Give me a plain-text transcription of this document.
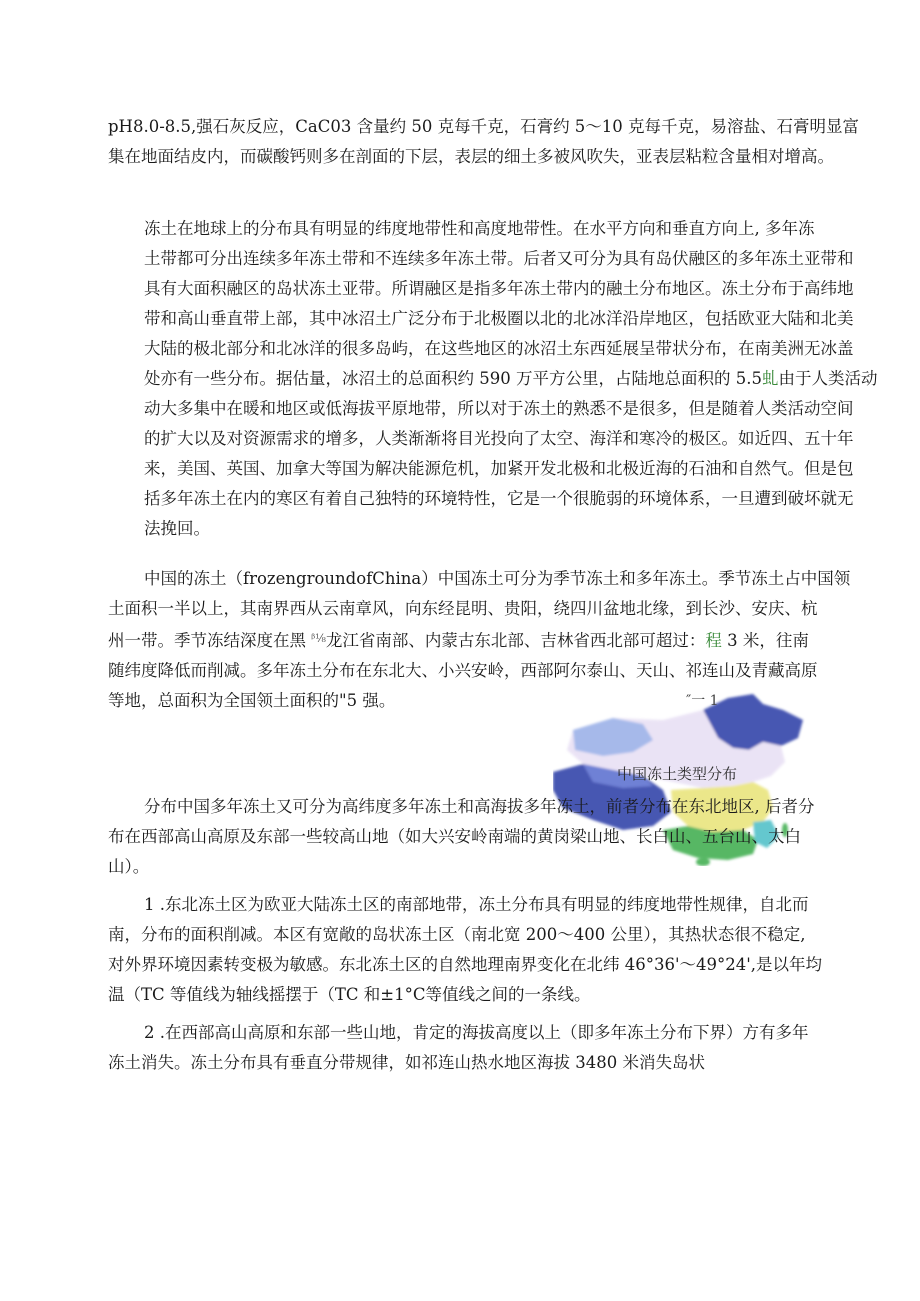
pH8.0-8.5,强石灰反应，CaC03 含量约 50 克每千克，石膏约 5～10 克每千克，易溶盐、石膏明显富
集在地面结皮内，而碳酸钙则多在剖面的下层，表层的细土多被风吹失，亚表层粘粒含量相对增高。
冻土在地球上的分布具有明显的纬度地带性和高度地带性。在水平方向和垂直方向上, 多年冻
土带都可分出连续多年冻土带和不连续多年冻土带。后者又可分为具有岛伏融区的多年冻土亚带和
具有大面积融区的岛状冻土亚带。所谓融区是指多年冻土带内的融土分布地区。冻土分布于高纬地
带和高山垂直带上部，其中冰沼土广泛分布于北极圈以北的北冰洋沿岸地区，包括欧亚大陆和北美
大陆的极北部分和北冰洋的很多岛屿，在这些地区的冰沼土东西延展呈带状分布，在南美洲无冰盖
处亦有一些分布。据估量，冰沼土的总面积约 590 万平方公里，占陆地总面积的 5.5虬由于人类活动
动大多集中在暖和地区或低海拔平原地带，所以对于冻土的熟悉不是很多，但是随着人类活动空间
的扩大以及对资源需求的增多，人类渐渐将目光投向了太空、海洋和寒冷的极区。如近四、五十年
来，美国、英国、加拿大等国为解决能源危机，加紧开发北极和北极近海的石油和自然气。但是包
括多年冻土在内的寒区有着自己独特的环境特性，它是一个很脆弱的环境体系，一旦遭到破坏就无
法挽回。
中国的冻土（frozengroundofChina）中国冻土可分为季节冻土和多年冻土。季节冻土占中国领
土面积一半以上，其南界西从云南章风，向东经昆明、贵阳，绕四川盆地北缘，到长沙、安庆、杭
州一带。季节冻结深度在黑 $^{ᵝ\frac{1}{8}}$龙江省南部、内蒙古东北部、吉林省西北部可超过：程 3 米，往南
随纬度降低而削减。多年冻土分布在东北大、小兴安岭，西部阿尔泰山、天山、祁连山及青藏高原
等地，总面积为全国领土面积的"5 强。	″一 1
中国冻土类型分布
分布中国多年冻土又可分为高纬度多年冻土和高海拔多年冻土，前者分布在东北地区, 后者分
布在西部高山高原及东部一些较高山地（如大兴安岭南端的黄岗梁山地、长白山、五台山、太白
山）。
1 .东北冻土区为欧亚大陆冻土区的南部地带，冻土分布具有明显的纬度地带性规律，自北而
南，分布的面积削减。本区有宽敞的岛状冻土区（南北宽 200～400 公里），其热状态很不稳定,
对外界环境因素转变极为敏感。东北冻土区的自然地理南界变化在北纬 46°36'～49°24',是以年均
温（TC 等值线为轴线摇摆于（TC 和±1°C等值线之间的一条线。
2 .在西部高山高原和东部一些山地，肯定的海拔高度以上（即多年冻土分布下界）方有多年
冻土消失。冻土分布具有垂直分带规律，如祁连山热水地区海拔 3480 米消失岛状
